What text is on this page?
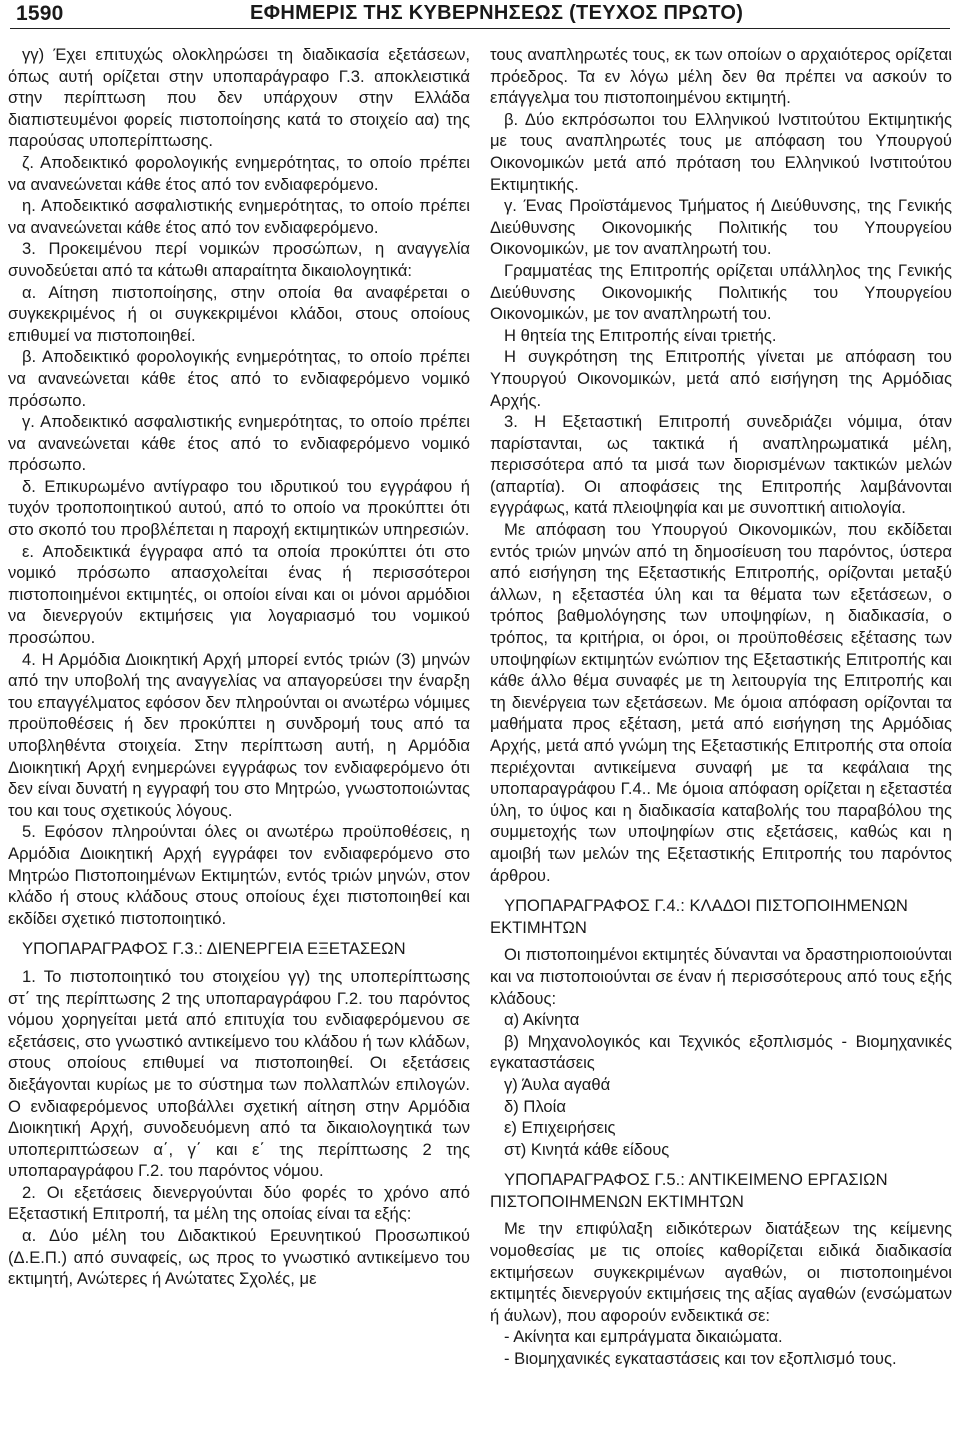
1590	ΕΦΗΜΕΡΙΣ ΤΗΣ ΚΥΒΕΡΝΗΣΕΩΣ (ΤΕΥΧΟΣ ΠΡΩΤΟ)

γγ) Έχει επιτυχώς ολοκληρώσει τη διαδικασία εξετάσεων, όπως αυτή ορίζεται στην υποπαράγραφο Γ.3. αποκλειστικά στην περίπτωση που δεν υπάρχουν στην Ελλάδα διαπιστευμένοι φορείς πιστοποίησης κατά το στοιχείο αα) της παρούσας υποπερίπτωσης.

ζ. Αποδεικτικό φορολογικής ενημερότητας, το οποίο πρέπει να ανανεώνεται κάθε έτος από τον ενδιαφερόμενο.

η. Αποδεικτικό ασφαλιστικής ενημερότητας, το οποίο πρέπει να ανανεώνεται κάθε έτος από τον ενδιαφερόμενο.

3. Προκειμένου περί νομικών προσώπων, η αναγγελία συνοδεύεται από τα κάτωθι απαραίτητα δικαιολογητικά:

α. Αίτηση πιστοποίησης, στην οποία θα αναφέρεται ο συγκεκριμένος ή οι συγκεκριμένοι κλάδοι, στους οποίους επιθυμεί να πιστοποιηθεί.

β. Αποδεικτικό φορολογικής ενημερότητας, το οποίο πρέπει να ανανεώνεται κάθε έτος από το ενδιαφερόμενο νομικό πρόσωπο.

γ. Αποδεικτικό ασφαλιστικής ενημερότητας, το οποίο πρέπει να ανανεώνεται κάθε έτος από το ενδιαφερόμενο νομικό πρόσωπο.

δ. Επικυρωμένο αντίγραφο του ιδρυτικού του εγγράφου ή τυχόν τροποποιητικού αυτού, από το οποίο να προκύπτει ότι στο σκοπό του προβλέπεται η παροχή εκτιμητικών υπηρεσιών.

ε. Αποδεικτικά έγγραφα από τα οποία προκύπτει ότι στο νομικό πρόσωπο απασχολείται ένας ή περισσότεροι πιστοποιημένοι εκτιμητές, οι οποίοι είναι και οι μόνοι αρμόδιοι να διενεργούν εκτιμήσεις για λογαριασμό του νομικού προσώπου.

4. Η Αρμόδια Διοικητική Αρχή μπορεί εντός τριών (3) μηνών από την υποβολή της αναγγελίας να απαγορεύσει την έναρξη του επαγγέλματος εφόσον δεν πληρούνται οι ανωτέρω νόμιμες προϋποθέσεις ή δεν προκύπτει η συνδρομή τους από τα υποβληθέντα στοιχεία. Στην περίπτωση αυτή, η Αρμόδια Διοικητική Αρχή ενημερώνει εγγράφως τον ενδιαφερόμενο ότι δεν είναι δυνατή η εγγραφή του στο Μητρώο, γνωστοποιώντας του και τους σχετικούς λόγους.

5. Εφόσον πληρούνται όλες οι ανωτέρω προϋποθέσεις, η Αρμόδια Διοικητική Αρχή εγγράφει τον ενδιαφερόμενο στο Μητρώο Πιστοποιημένων Εκτιμητών, εντός τριών μηνών, στον κλάδο ή στους κλάδους στους οποίους έχει πιστοποιηθεί και εκδίδει σχετικό πιστοποιητικό.

ΥΠΟΠΑΡΑΓΡΑΦΟΣ Γ.3.: ΔΙΕΝΕΡΓΕΙΑ ΕΞΕΤΑΣΕΩΝ

1. Το πιστοποιητικό του στοιχείου γγ) της υποπερίπτωσης στ΄ της περίπτωσης 2 της υποπαραγράφου Γ.2. του παρόντος νόμου χορηγείται μετά από επιτυχία του ενδιαφερόμενου σε εξετάσεις, στο γνωστικό αντικείμενο του κλάδου ή των κλάδων, στους οποίους επιθυμεί να πιστοποιηθεί. Οι εξετάσεις διεξάγονται κυρίως με το σύστημα των πολλαπλών επιλογών. Ο ενδιαφερόμενος υποβάλλει σχετική αίτηση στην Αρμόδια Διοικητική Αρχή, συνοδευόμενη από τα δικαιολογητικά των υποπεριπτώσεων α΄, γ΄ και ε΄ της περίπτωσης 2 της υποπαραγράφου Γ.2. του παρόντος νόμου.

2. Οι εξετάσεις διενεργούνται δύο φορές το χρόνο από Εξεταστική Επιτροπή, τα μέλη της οποίας είναι τα εξής:

α. Δύο μέλη του Διδακτικού Ερευνητικού Προσωπικού (Δ.Ε.Π.) από συναφείς, ως προς το γνωστικό αντικείμενο του εκτιμητή, Ανώτερες ή Ανώτατες Σχολές, με

τους αναπληρωτές τους, εκ των οποίων ο αρχαιότερος ορίζεται πρόεδρος. Τα εν λόγω μέλη δεν θα πρέπει να ασκούν το επάγγελμα του πιστοποιημένου εκτιμητή.

β. Δύο εκπρόσωποι του Ελληνικού Ινστιτούτου Εκτιμητικής με τους αναπληρωτές τους με απόφαση του Υπουργού Οικονομικών μετά από πρόταση του Ελληνικού Ινστιτούτου Εκτιμητικής.

γ. Ένας Προϊστάμενος Τμήματος ή Διεύθυνσης, της Γενικής Διεύθυνσης Οικονομικής Πολιτικής του Υπουργείου Οικονομικών, με τον αναπληρωτή του.

Γραμματέας της Επιτροπής ορίζεται υπάλληλος της Γενικής Διεύθυνσης Οικονομικής Πολιτικής του Υπουργείου Οικονομικών, με τον αναπληρωτή του.

Η θητεία της Επιτροπής είναι τριετής.

Η συγκρότηση της Επιτροπής γίνεται με απόφαση του Υπουργού Οικονομικών, μετά από εισήγηση της Αρμόδιας Αρχής.

3. Η Εξεταστική Επιτροπή συνεδριάζει νόμιμα, όταν παρίστανται, ως τακτικά ή αναπληρωματικά μέλη, περισσότερα από τα μισά των διορισμένων τακτικών μελών (απαρτία). Οι αποφάσεις της Επιτροπής λαμβάνονται εγγράφως, κατά πλειοψηφία και με συνοπτική αιτιολογία.

Με απόφαση του Υπουργού Οικονομικών, που εκδίδεται εντός τριών μηνών από τη δημοσίευση του παρόντος, ύστερα από εισήγηση της Εξεταστικής Επιτροπής, ορίζονται μεταξύ άλλων, η εξεταστέα ύλη και τα θέματα των εξετάσεων, ο τρόπος βαθμολόγησης των υποψηφίων, η διαδικασία, ο τρόπος, τα κριτήρια, οι όροι, οι προϋποθέσεις εξέτασης των υποψηφίων εκτιμητών ενώπιον της Εξεταστικής Επιτροπής και κάθε άλλο θέμα συναφές με τη λειτουργία της Επιτροπής και τη διενέργεια των εξετάσεων. Με όμοια απόφαση ορίζονται τα μαθήματα προς εξέταση, μετά από εισήγηση της Αρμόδιας Αρχής, μετά από γνώμη της Εξεταστικής Επιτροπής στα οποία περιέχονται αντικείμενα συναφή με τα κεφάλαια της υποπαραγράφου Γ.4.. Με όμοια απόφαση ορίζεται η εξεταστέα ύλη, το ύψος και η διαδικασία καταβολής του παραβόλου της συμμετοχής των υποψηφίων στις εξετάσεις, καθώς και η αμοιβή των μελών της Εξεταστικής Επιτροπής του παρόντος άρθρου.

ΥΠΟΠΑΡΑΓΡΑΦΟΣ Γ.4.: ΚΛΑΔΟΙ ΠΙΣΤΟΠΟΙΗΜΕΝΩΝ ΕΚΤΙΜΗΤΩΝ

Οι πιστοποιημένοι εκτιμητές δύνανται να δραστηριοποιούνται και να πιστοποιούνται σε έναν ή περισσότερους από τους εξής κλάδους:

α) Ακίνητα

β) Μηχανολογικός και Τεχνικός εξοπλισμός - Βιομηχανικές εγκαταστάσεις

γ) Άυλα αγαθά

δ) Πλοία

ε) Επιχειρήσεις

στ) Κινητά κάθε είδους

ΥΠΟΠΑΡΑΓΡΑΦΟΣ Γ.5.: ΑΝΤΙΚΕΙΜΕΝΟ ΕΡΓΑΣΙΩΝ ΠΙΣΤΟΠΟΙΗΜΕΝΩΝ ΕΚΤΙΜΗΤΩΝ

Με την επιφύλαξη ειδικότερων διατάξεων της κείμενης νομοθεσίας με τις οποίες καθορίζεται ειδικά διαδικασία εκτιμήσεων συγκεκριμένων αγαθών, οι πιστοποιημένοι εκτιμητές διενεργούν εκτιμήσεις της αξίας αγαθών (ενσώματων ή άυλων), που αφορούν ενδεικτικά σε:

- Ακίνητα και εμπράγματα δικαιώματα.

- Βιομηχανικές εγκαταστάσεις και τον εξοπλισμό τους.
